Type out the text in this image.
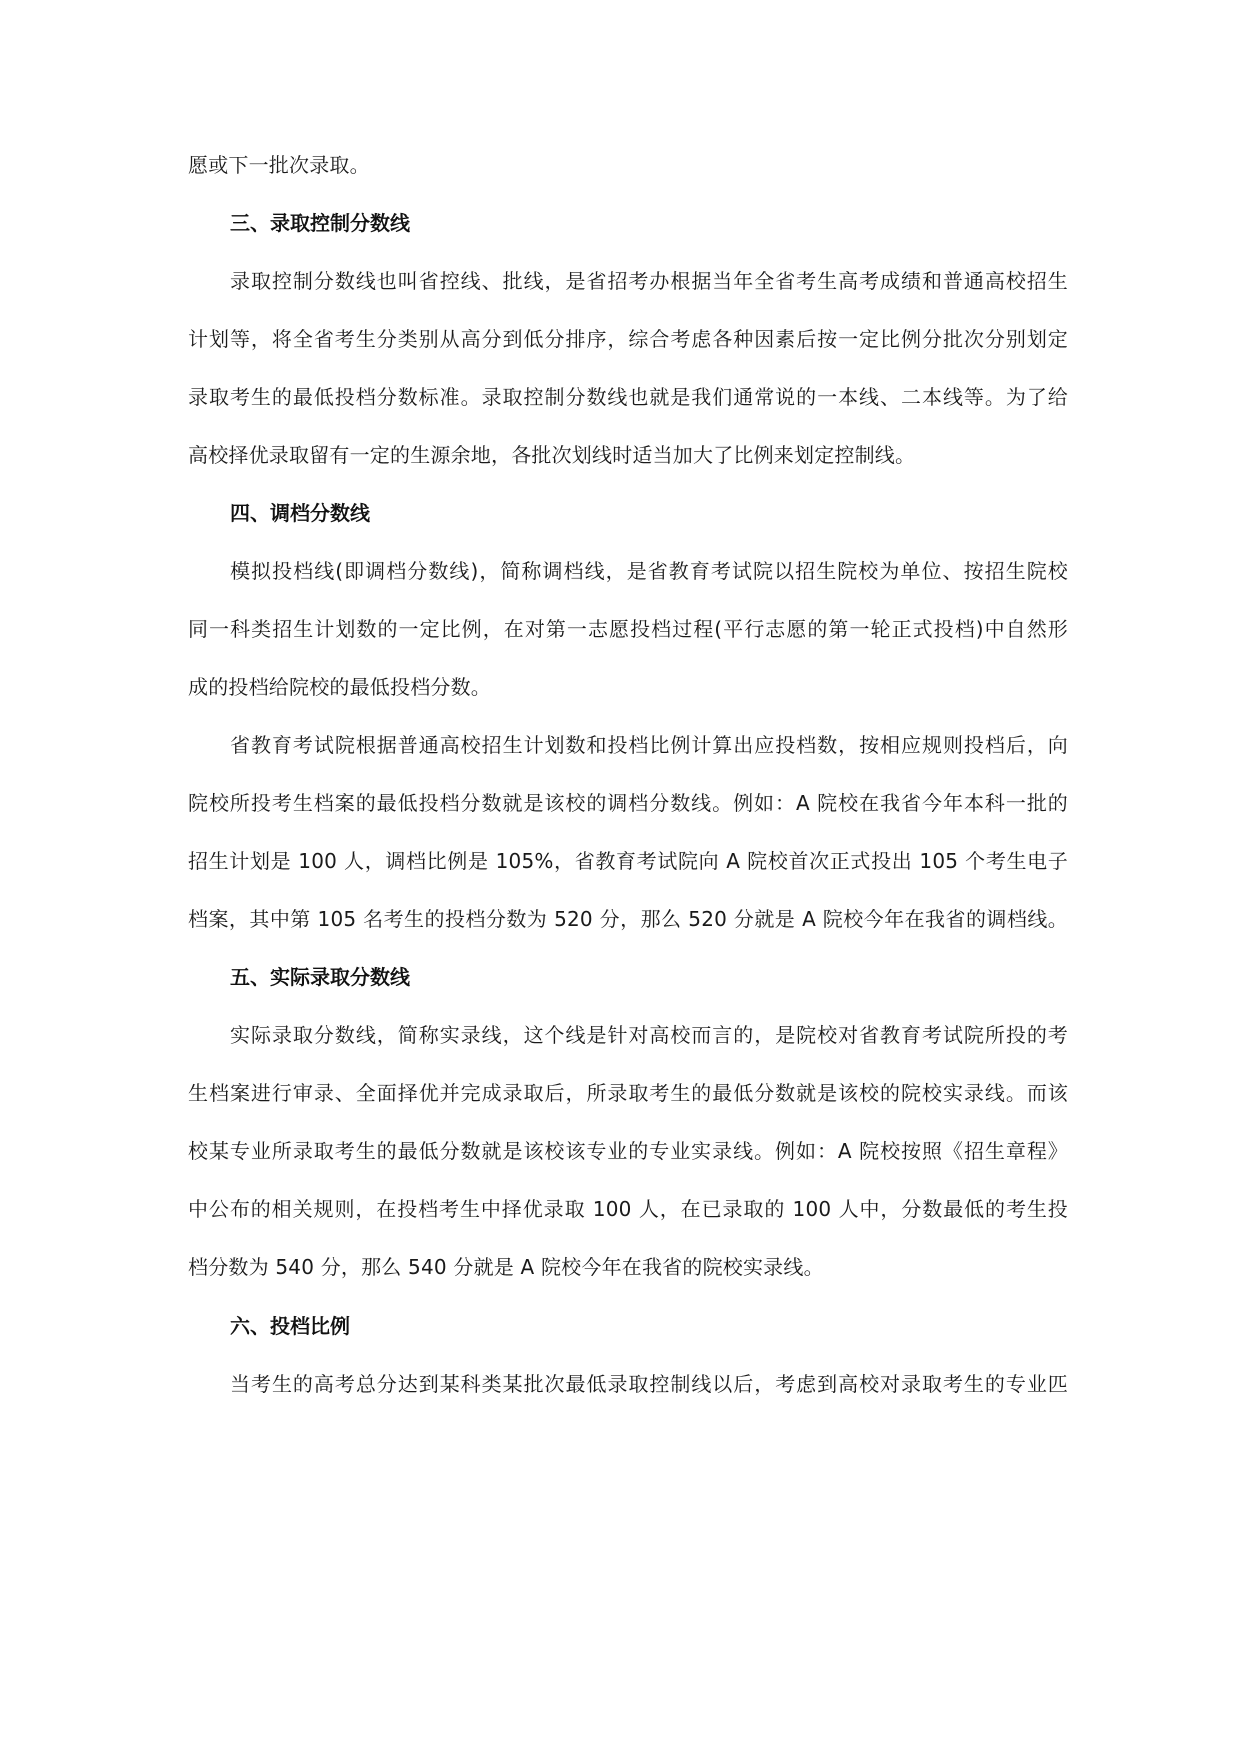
愿或下一批次录取。
三、录取控制分数线
录取控制分数线也叫省控线、批线，是省招考办根据当年全省考生高考成绩和普通高校招生
计划等，将全省考生分类别从高分到低分排序，综合考虑各种因素后按一定比例分批次分别划定
录取考生的最低投档分数标准。录取控制分数线也就是我们通常说的一本线、二本线等。为了给
高校择优录取留有一定的生源余地，各批次划线时适当加大了比例来划定控制线。
四、调档分数线
模拟投档线(即调档分数线)，简称调档线，是省教育考试院以招生院校为单位、按招生院校
同一科类招生计划数的一定比例，在对第一志愿投档过程(平行志愿的第一轮正式投档)中自然形
成的投档给院校的最低投档分数。
省教育考试院根据普通高校招生计划数和投档比例计算出应投档数，按相应规则投档后，向
院校所投考生档案的最低投档分数就是该校的调档分数线。例如：A 院校在我省今年本科一批的
招生计划是 100 人，调档比例是 105%，省教育考试院向 A 院校首次正式投出 105 个考生电子
档案，其中第 105 名考生的投档分数为 520 分，那么 520 分就是 A 院校今年在我省的调档线。
五、实际录取分数线
实际录取分数线，简称实录线，这个线是针对高校而言的，是院校对省教育考试院所投的考
生档案进行审录、全面择优并完成录取后，所录取考生的最低分数就是该校的院校实录线。而该
校某专业所录取考生的最低分数就是该校该专业的专业实录线。例如：A 院校按照《招生章程》
中公布的相关规则，在投档考生中择优录取 100 人，在已录取的 100 人中，分数最低的考生投
档分数为 540 分，那么 540 分就是 A 院校今年在我省的院校实录线。
六、投档比例
当考生的高考总分达到某科类某批次最低录取控制线以后，考虑到高校对录取考生的专业匹
